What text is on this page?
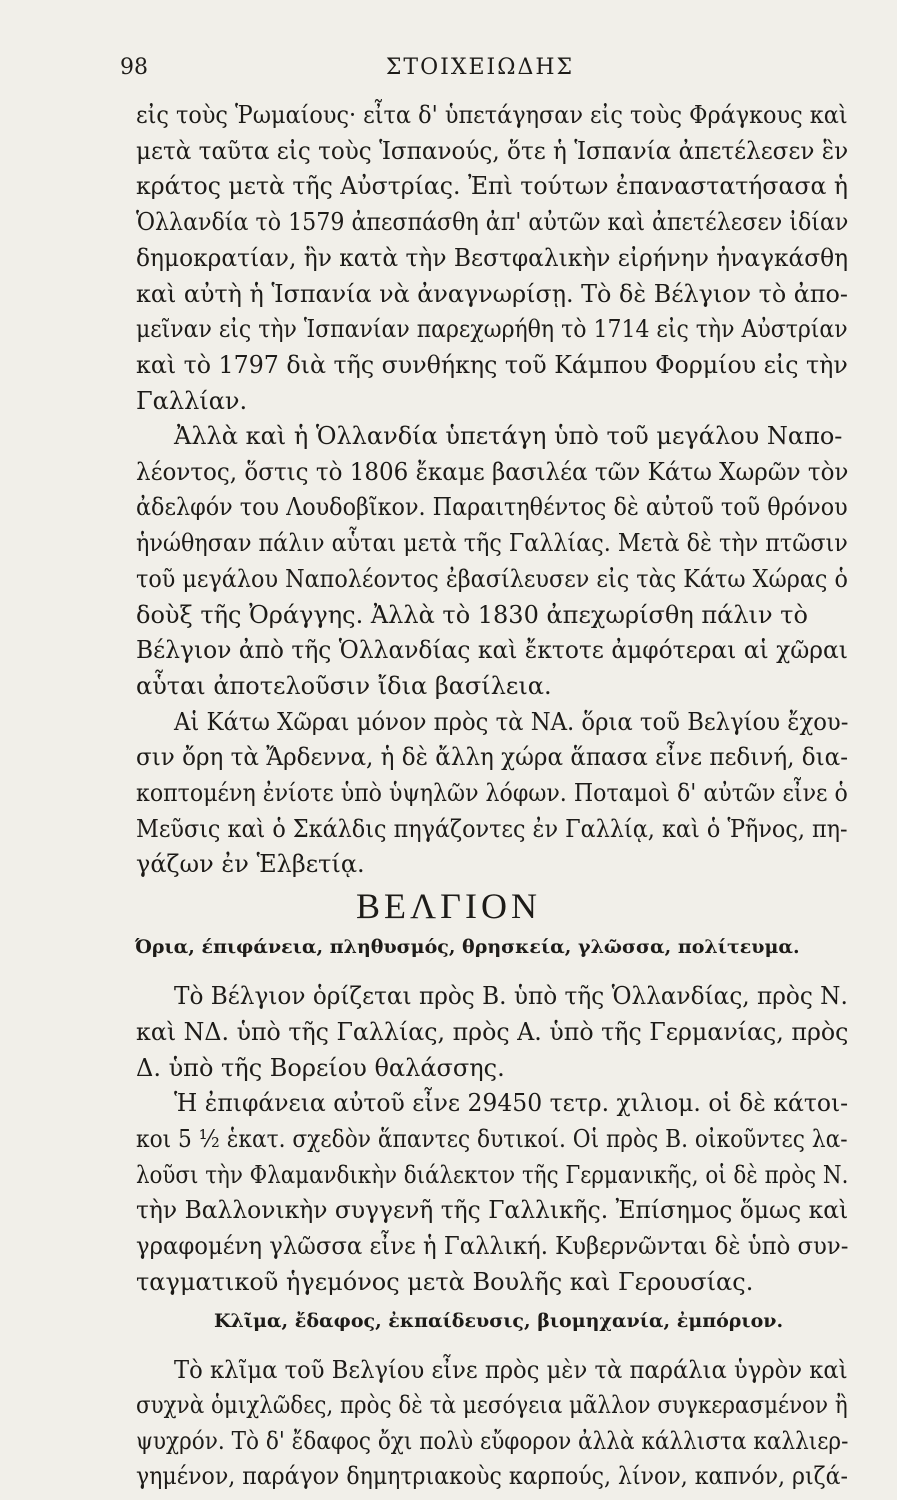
98	ΣΤΟΙΧΕΙΩΔΗΣ
εἰς τοὺς Ῥωμαίους· εἶτα δ' ὑπετάγησαν εἰς τοὺς Φράγκους καὶ
μετὰ ταῦτα εἰς τοὺς Ἱσπανούς, ὅτε ἡ Ἱσπανία ἀπετέλεσεν ἓν
κράτος μετὰ τῆς Αὐστρίας. Ἐπὶ τούτων ἐπαναστατήσασα ἡ
Ὁλλανδία τὸ 1579 ἀπεσπάσθη ἀπ' αὐτῶν καὶ ἀπετέλεσεν ἰδίαν
δημοκρατίαν, ἣν κατὰ τὴν Βεστφαλικὴν εἰρήνην ἠναγκάσθη
καὶ αὐτὴ ἡ Ἱσπανία νὰ ἀναγνωρίσῃ. Τὸ δὲ Βέλγιον τὸ ἀπο-
μεῖναν εἰς τὴν Ἱσπανίαν παρεχωρήθη τὸ 1714 εἰς τὴν Αὐστρίαν
καὶ τὸ 1797 διὰ τῆς συνθήκης τοῦ Κάμπου Φορμίου εἰς τὴν
Γαλλίαν.
Ἀλλὰ καὶ ἡ Ὁλλανδία ὑπετάγη ὑπὸ τοῦ μεγάλου Ναπο-
λέοντος, ὅστις τὸ 1806 ἔκαμε βασιλέα τῶν Κάτω Χωρῶν τὸν
ἀδελφόν του Λουδοβῖκον. Παραιτηθέντος δὲ αὐτοῦ τοῦ θρόνου
ἡνώθησαν πάλιν αὗται μετὰ τῆς Γαλλίας. Μετὰ δὲ τὴν πτῶσιν
τοῦ μεγάλου Ναπολέοντος ἐβασίλευσεν εἰς τὰς Κάτω Χώρας ὁ
δοὺξ τῆς Ὀράγγης. Ἀλλὰ τὸ 1830 ἀπεχωρίσθη πάλιν τὸ
Βέλγιον ἀπὸ τῆς Ὁλλανδίας καὶ ἔκτοτε ἀμφότεραι αἱ χῶραι
αὗται ἀποτελοῦσιν ἴδια βασίλεια.
Αἱ Κάτω Χῶραι μόνον πρὸς τὰ ΝΑ. ὅρια τοῦ Βελγίου ἔχου-
σιν ὄρη τὰ Ἄρδεννα, ἡ δὲ ἄλλη χώρα ἅπασα εἶνε πεδινή, δια-
κοπτομένη ἐνίοτε ὑπὸ ὑψηλῶν λόφων. Ποταμοὶ δ' αὐτῶν εἶνε ὁ
Μεῦσις καὶ ὁ Σκάλδις πηγάζοντες ἐν Γαλλίᾳ, καὶ ὁ Ῥῆνος, πη-
γάζων ἐν Ἑλβετίᾳ.
ΒΕΛΓΙΟΝ
Όρια, έπιφάνεια, πληθυσμός, θρησκεία, γλῶσσα, πολίτευμα.
Τὸ Βέλγιον ὁρίζεται πρὸς Β. ὑπὸ τῆς Ὁλλανδίας, πρὸς Ν.
καὶ ΝΔ. ὑπὸ τῆς Γαλλίας, πρὸς Α. ὑπὸ τῆς Γερμανίας, πρὸς
Δ. ὑπὸ τῆς Βορείου θαλάσσης.
Ἡ ἐπιφάνεια αὐτοῦ εἶνε 29450 τετρ. χιλιομ. οἱ δὲ κάτοι-
κοι 5 ½ ἑκατ. σχεδὸν ἅπαντες δυτικοί. Οἱ πρὸς Β. οἰκοῦντες λα-
λοῦσι τὴν Φλαμανδικὴν διάλεκτον τῆς Γερμανικῆς, οἱ δὲ πρὸς Ν.
τὴν Βαλλονικὴν συγγενῆ τῆς Γαλλικῆς. Ἐπίσημος ὅμως καὶ
γραφομένη γλῶσσα εἶνε ἡ Γαλλική. Κυβερνῶνται δὲ ὑπὸ συν-
ταγματικοῦ ἡγεμόνος μετὰ Βουλῆς καὶ Γερουσίας.
Κλῖμα, ἔδαφος, ἐκπαίδευσις, βιομηχανία, ἐμπόριον.
Τὸ κλῖμα τοῦ Βελγίου εἶνε πρὸς μὲν τὰ παράλια ὑγρὸν καὶ
συχνὰ ὁμιχλῶδες, πρὸς δὲ τὰ μεσόγεια μᾶλλον συγκερασμένον ἢ
ψυχρόν. Τὸ δ' ἔδαφος ὄχι πολὺ εὔφορον ἀλλὰ κάλλιστα καλλιερ-
γημένον, παράγον δημητριακοὺς καρπούς, λίνον, καπνόν, ριζά-
